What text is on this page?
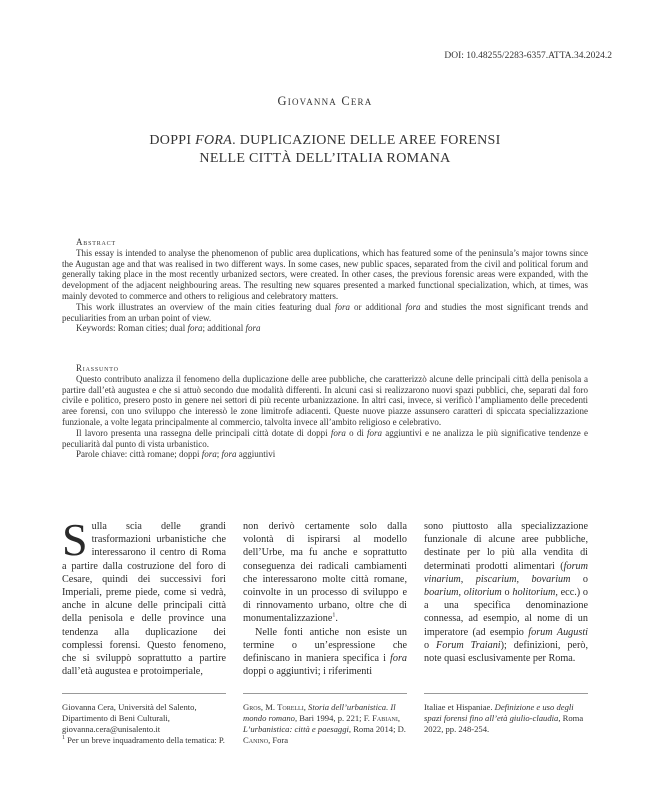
DOI: 10.48255/2283-6357.ATTA.34.2024.2
Giovanna Cera
DOPPI FORA. DUPLICAZIONE DELLE AREE FORENSI
NELLE CITTÀ DELL’ITALIA ROMANA
Abstract

This essay is intended to analyse the phenomenon of public area duplications, which has featured some of the peninsula’s major towns since the Augustan age and that was realised in two different ways. In some cases, new public spaces, separated from the civil and political forum and generally taking place in the most recently urbanized sectors, were created. In other cases, the previous forensic areas were expanded, with the development of the adjacent neighbouring areas. The resulting new squares presented a marked functional specialization, which, at times, was mainly devoted to commerce and others to religious and celebratory matters.

This work illustrates an overview of the main cities featuring dual fora or additional fora and studies the most significant trends and peculiarities from an urban point of view.

Keywords: Roman cities; dual fora; additional fora

Riassunto

Questo contributo analizza il fenomeno della duplicazione delle aree pubbliche, che caratterizzò alcune delle principali città della penisola a partire dall’età augustea e che si attuò secondo due modalità differenti. In alcuni casi si realizzarono nuovi spazi pubblici, che, separati dal foro civile e politico, presero posto in genere nei settori di più recente urbanizzazione. In altri casi, invece, si verificò l’ampliamento delle precedenti aree forensi, con uno sviluppo che interessò le zone limitrofe adiacenti. Queste nuove piazze assunsero caratteri di spiccata specializzazione funzionale, a volte legata principalmente al commercio, talvolta invece all’ambito religioso e celebrativo.

Il lavoro presenta una rassegna delle principali città dotate di doppi fora o di fora aggiuntivi e ne analizza le più significative tendenze e peculiarità dal punto di vista urbanistico.

Parole chiave: città romane; doppi fora; fora aggiuntivi

Sulla scia delle grandi trasformazioni urbanistiche che interessarono il centro di Roma a partire dalla costruzione del foro di Cesare, quindi dei successivi fori Imperiali, preme piede, come si vedrà, anche in alcune delle principali città della penisola e delle province una tendenza alla duplicazione dei complessi forensi. Questo fenomeno, che si sviluppò soprattutto a partire dall’età augustea e protoimperiale,

non derivò certamente solo dalla volontà di ispirarsi al modello dell’Urbe, ma fu anche e soprattutto conseguenza dei radicali cambiamenti che interessarono molte città romane, coinvolte in un processo di sviluppo e di rinnovamento urbano, oltre che di monumentalizzazione$^1$.

Nelle fonti antiche non esiste un termine o un’espressione che definiscano in maniera specifica i fora doppi o aggiuntivi; i riferimenti

sono piuttosto alla specializzazione funzionale di alcune aree pubbliche, destinate per lo più alla vendita di determinati prodotti alimentari (forum vinarium, piscarium, bovarium o boarium, olitorium o holitorium, ecc.) o a una specifica denominazione connessa, ad esempio, al nome di un imperatore (ad esempio forum Augusti o Forum Traiani); definizioni, però, note quasi esclusivamente per Roma.

Giovanna Cera, Università del Salento, Dipartimento di Beni Culturali, giovanna.cera@unisalento.it

$^1$ Per un breve inquadramento della tematica: P.

Gros, M. Torelli, Storia dell’urbanistica. Il mondo romano, Bari 1994, p. 221; F. Fabiani, L’urbanistica: città e paesaggi, Roma 2014; D. Canino, Fora

Italiae et Hispaniae. Definizione e uso degli spazi forensi fino all’età giulio-claudia, Roma 2022, pp. 248-254.
